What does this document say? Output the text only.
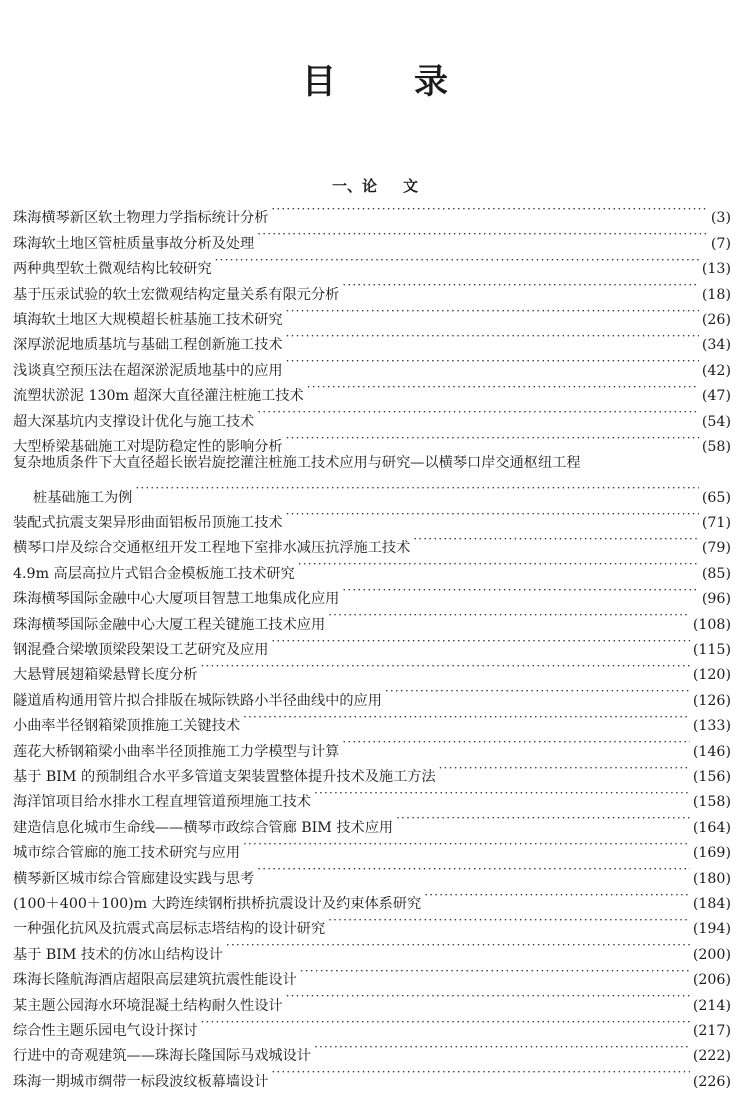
目 录
一、论 文
珠海横琴新区软土物理力学指标统计分析 ·····	(3)
珠海软土地区管桩质量事故分析及处理 ·····	(7)
两种典型软土微观结构比较研究 ·····	(13)
基于压汞试验的软土宏微观结构定量关系有限元分析 ·····	(18)
填海软土地区大规模超长桩基施工技术研究 ·····	(26)
深厚淤泥地质基坑与基础工程创新施工技术 ·····	(34)
浅谈真空预压法在超深淤泥质地基中的应用 ·····	(42)
流塑状淤泥 130m 超深大直径灌注桩施工技术 ·····	(47)
超大深基坑内支撑设计优化与施工技术 ·····	(54)
大型桥梁基础施工对堤防稳定性的影响分析 ·····	(58)
复杂地质条件下大直径超长嵌岩旋挖灌注桩施工技术应用与研究—以横琴口岸交通枢纽工程
桩基础施工为例 ·····	(65)
装配式抗震支架异形曲面铝板吊顶施工技术 ·····	(71)
横琴口岸及综合交通枢纽开发工程地下室排水减压抗浮施工技术 ·····	(79)
4.9m 高层高拉片式铝合金模板施工技术研究 ·····	(85)
珠海横琴国际金融中心大厦项目智慧工地集成化应用 ·····	(96)
珠海横琴国际金融中心大厦工程关键施工技术应用 ·····	(108)
钢混叠合梁墩顶梁段架设工艺研究及应用 ·····	(115)
大悬臂展翅箱梁悬臂长度分析 ·····	(120)
隧道盾构通用管片拟合排版在城际铁路小半径曲线中的应用 ·····	(126)
小曲率半径钢箱梁顶推施工关键技术 ·····	(133)
莲花大桥钢箱梁小曲率半径顶推施工力学模型与计算 ·····	(146)
基于 BIM 的预制组合水平多管道支架装置整体提升技术及施工方法 ·····	(156)
海洋馆项目给水排水工程直埋管道预埋施工技术 ·····	(158)
建造信息化城市生命线——横琴市政综合管廊 BIM 技术应用 ·····	(164)
城市综合管廊的施工技术研究与应用 ·····	(169)
横琴新区城市综合管廊建设实践与思考 ·····	(180)
(100＋400＋100)m 大跨连续钢桁拱桥抗震设计及约束体系研究 ·····	(184)
一种强化抗风及抗震式高层标志塔结构的设计研究 ·····	(194)
基于 BIM 技术的仿冰山结构设计 ·····	(200)
珠海长隆航海酒店超限高层建筑抗震性能设计 ·····	(206)
某主题公园海水环境混凝土结构耐久性设计 ·····	(214)
综合性主题乐园电气设计探讨 ·····	(217)
行进中的奇观建筑——珠海长隆国际马戏城设计 ·····	(222)
珠海一期城市绸带一标段波纹板幕墙设计 ·····	(226)
